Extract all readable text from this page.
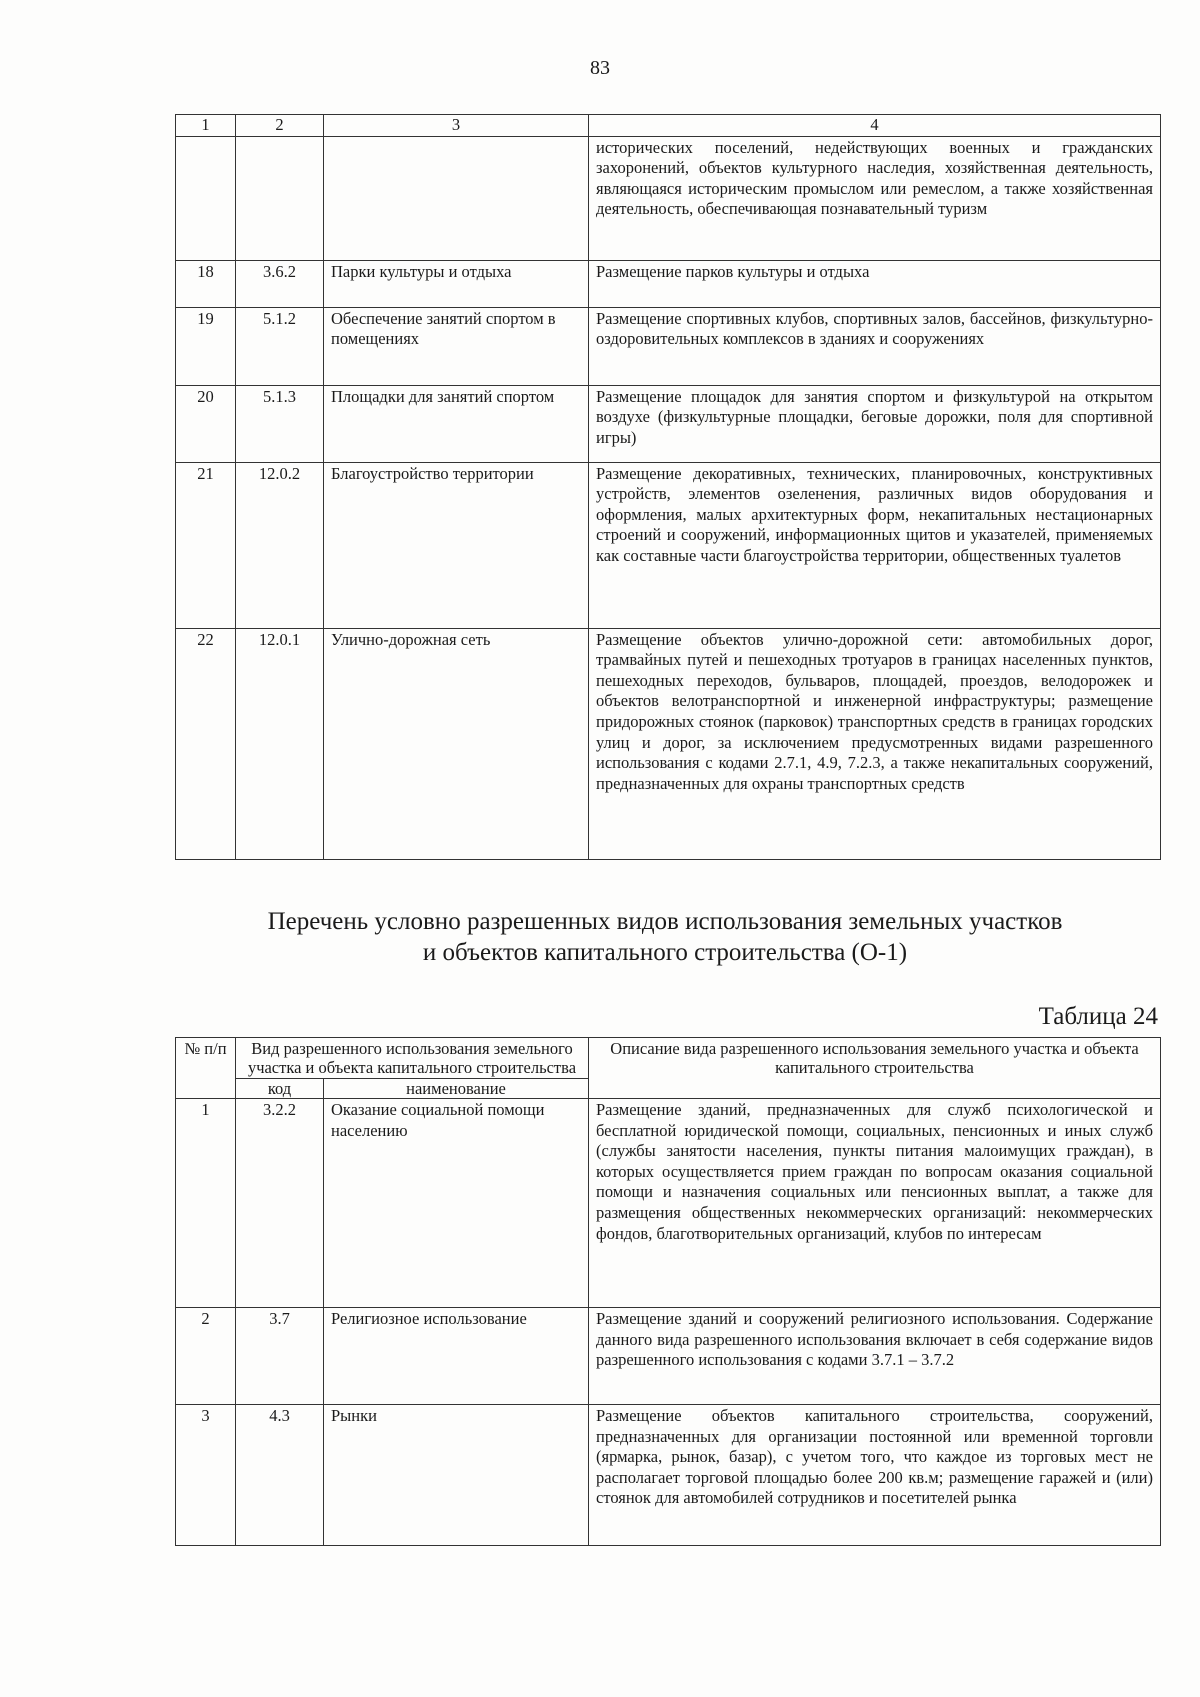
83
1	2	3	4
			исторических поселений, недействующих военных и гражданских захоронений, объектов культурного наследия, хозяйственная деятельность, являющаяся историческим промыслом или ремеслом, а также хозяйственная деятельность, обеспечивающая познавательный туризм
18	3.6.2	Парки культуры и отдыха	Размещение парков культуры и отдыха
19	5.1.2	Обеспечение занятий спортом в помещениях	Размещение спортивных клубов, спортивных залов, бассейнов, физкультурно-оздоровительных комплексов в зданиях и сооружениях
20	5.1.3	Площадки для занятий спортом	Размещение площадок для занятия спортом и физкультурой на открытом воздухе (физкультурные площадки, беговые дорожки, поля для спортивной игры)
21	12.0.2	Благоустройство территории	Размещение декоративных, технических, планировочных, конструктивных устройств, элементов озеленения, различных видов оборудования и оформления, малых архитектурных форм, некапитальных нестационарных строений и сооружений, информационных щитов и указателей, применяемых как составные части благоустройства территории, общественных туалетов
22	12.0.1	Улично-дорожная сеть	Размещение объектов улично-дорожной сети: автомобильных дорог, трамвайных путей и пешеходных тротуаров в границах населенных пунктов, пешеходных переходов, бульваров, площадей, проездов, велодорожек и объектов велотранспортной и инженерной инфраструктуры; размещение придорожных стоянок (парковок) транспортных средств в границах городских улиц и дорог, за исключением предусмотренных видами разрешенного использования с кодами 2.7.1, 4.9, 7.2.3, а также некапитальных сооружений, предназначенных для охраны транспортных средств
Перечень условно разрешенных видов использования земельных участков
и объектов капитального строительства (О-1)
Таблица 24
№ п/п	Вид разрешенного использования земельного участка и объекта капитального строительства		Описание вида разрешенного использования земельного участка и объекта капитального строительства
	код	наименование	
1	3.2.2	Оказание социальной помощи населению	Размещение зданий, предназначенных для служб психологической и бесплатной юридической помощи, социальных, пенсионных и иных служб (службы занятости населения, пункты питания малоимущих граждан), в которых осуществляется прием граждан по вопросам оказания социальной помощи и назначения социальных или пенсионных выплат, а также для размещения общественных некоммерческих организаций: некоммерческих фондов, благотворительных организаций, клубов по интересам
2	3.7	Религиозное использование	Размещение зданий и сооружений религиозного использования. Содержание данного вида разрешенного использования включает в себя содержание видов разрешенного использования с кодами 3.7.1 – 3.7.2
3	4.3	Рынки	Размещение объектов капитального строительства, сооружений, предназначенных для организации постоянной или временной торговли (ярмарка, рынок, базар), с учетом того, что каждое из торговых мест не располагает торговой площадью более 200 кв.м; размещение гаражей и (или) стоянок для автомобилей сотрудников и посетителей рынка
